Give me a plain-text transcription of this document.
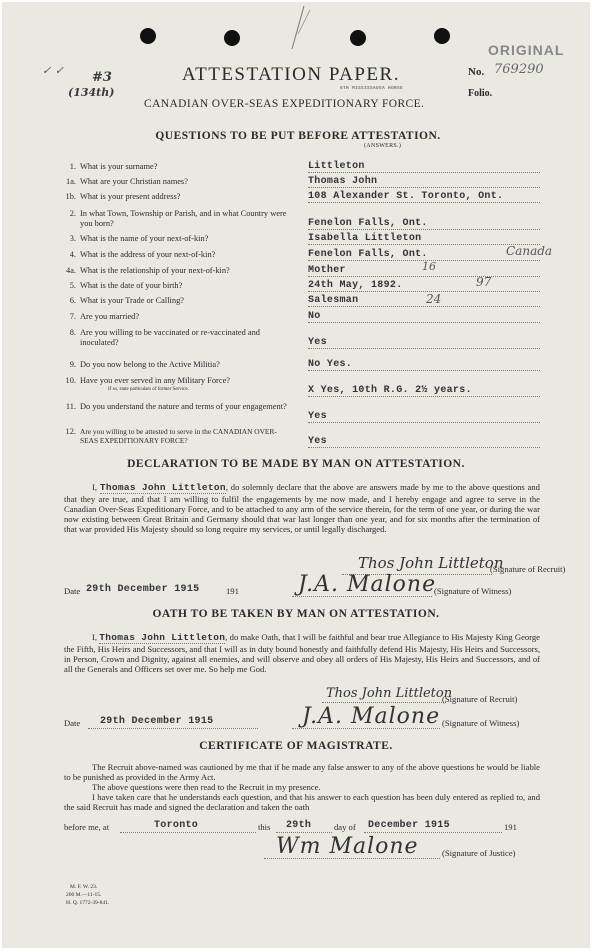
✓ ✓ #3
(134th)
ATTESTATION PAPER.
6TH MISSISSAUGA HORSE
CANADIAN OVER-SEAS EXPEDITIONARY FORCE.
ORIGINAL
No. 769290
Folio.
QUESTIONS TO BE PUT BEFORE ATTESTATION.
(ANSWERS.)
1. What is your surname?	Littleton
1a. What are your Christian names?	Thomas John
1b. What is your present address?	108 Alexander St. Toronto, Ont.
2. In what Town, Township or Parish, and in what Country were you born?	Fenelon Falls, Ont.
3. What is the name of your next-of-kin?	Isabella Littleton
4. What is the address of your next-of-kin?	Fenelon Falls, Ont.	Canada
4a. What is the relationship of your next-of-kin?	Mother	16
5. What is the date of your birth?	24th May, 1892.	97
6. What is your Trade or Calling?	Salesman	24
7. Are you married?	No
8. Are you willing to be vaccinated or re-vaccinated and inoculated?	Yes
9. Do you now belong to the Active Militia?	No Yes.
10. Have you ever served in any Military Force?
If so, state particulars of former Service.	X Yes, 10th R.G. 2½ years.
11. Do you understand the nature and terms of your engagement?
Yes
12. Are you willing to be attested to serve in the CANADIAN OVER-SEAS EXPEDITIONARY FORCE?	Yes
DECLARATION TO BE MADE BY MAN ON ATTESTATION.
I, Thomas John Littleton, do solemnly declare that the above are answers made by me to the above questions and that they are true, and that I am willing to fulfil the engagements by me now made, and I hereby engage and agree to serve in the Canadian Over-Seas Expeditionary Force, and to be attached to any arm of the service therein, for the term of one year, or during the war now existing between Great Britain and Germany should that war last longer than one year, and for six months after the termination of that war provided His Majesty should so long require my services, or until legally discharged.
Thos John Littleton
(Signature of Recruit)
Date 29th December 1915	191	J.A. Malone
(Signature of Witness)
OATH TO BE TAKEN BY MAN ON ATTESTATION.
I, Thomas John Littleton, do make Oath, that I will be faithful and bear true Allegiance to His Majesty King George the Fifth, His Heirs and Successors, and that I will as in duty bound honestly and faithfully defend His Majesty, His Heirs and Successors, in Person, Crown and Dignity, against all enemies, and will observe and obey all orders of His Majesty, His Heirs and Successors, and of all the Generals and Officers set over me. So help me God.
Thos John Littleton
(Signature of Recruit)
Date 29th December 1915	J.A. Malone (Signature of Witness)
CERTIFICATE OF MAGISTRATE.
The Recruit above-named was cautioned by me that if he made any false answer to any of the above questions he would be liable to be punished as provided in the Army Act.
The above questions were then read to the Recruit in my presence.
I have taken care that he understands each question, and that his answer to each question has been duly entered as replied to, and the said Recruit has made and signed the declaration and taken the oath
before me, at	Toronto	this 29th	day of December 1915	191
Wm Malone	(Signature of Justice)
M. F. W. 23.
200 M.—11-15.
H. Q. 1772-39-841.
